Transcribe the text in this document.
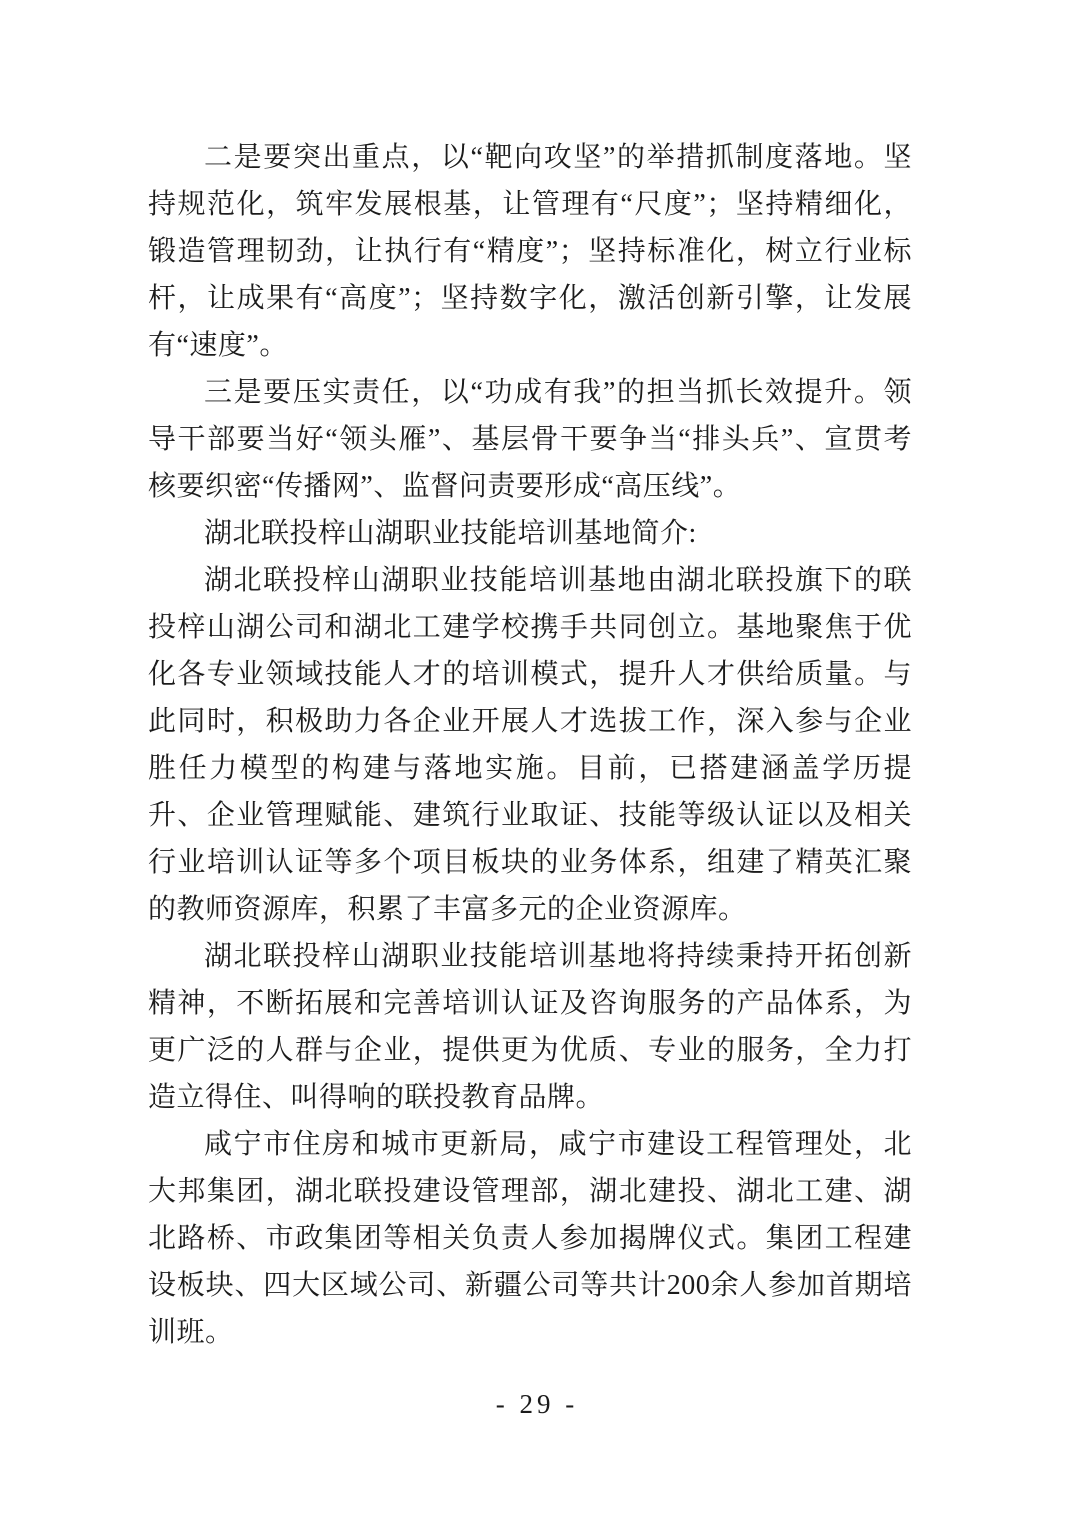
二是要突出重点，以“靶向攻坚”的举措抓制度落地。坚持规范化，筑牢发展根基，让管理有“尺度”；坚持精细化，锻造管理韧劲，让执行有“精度”；坚持标准化，树立行业标杆，让成果有“高度”；坚持数字化，激活创新引擎，让发展有“速度”。

三是要压实责任，以“功成有我”的担当抓长效提升。领导干部要当好“领头雁”、基层骨干要争当“排头兵”、宣贯考核要织密“传播网”、监督问责要形成“高压线”。

湖北联投梓山湖职业技能培训基地简介:

湖北联投梓山湖职业技能培训基地由湖北联投旗下的联投梓山湖公司和湖北工建学校携手共同创立。基地聚焦于优化各专业领域技能人才的培训模式，提升人才供给质量。与此同时，积极助力各企业开展人才选拔工作，深入参与企业胜任力模型的构建与落地实施。目前，已搭建涵盖学历提升、企业管理赋能、建筑行业取证、技能等级认证以及相关行业培训认证等多个项目板块的业务体系，组建了精英汇聚的教师资源库，积累了丰富多元的企业资源库。

湖北联投梓山湖职业技能培训基地将持续秉持开拓创新精神，不断拓展和完善培训认证及咨询服务的产品体系，为更广泛的人群与企业，提供更为优质、专业的服务，全力打造立得住、叫得响的联投教育品牌。

咸宁市住房和城市更新局，咸宁市建设工程管理处，北大邦集团，湖北联投建设管理部，湖北建投、湖北工建、湖北路桥、市政集团等相关负责人参加揭牌仪式。集团工程建设板块、四大区域公司、新疆公司等共计200余人参加首期培训班。

- 29 -
